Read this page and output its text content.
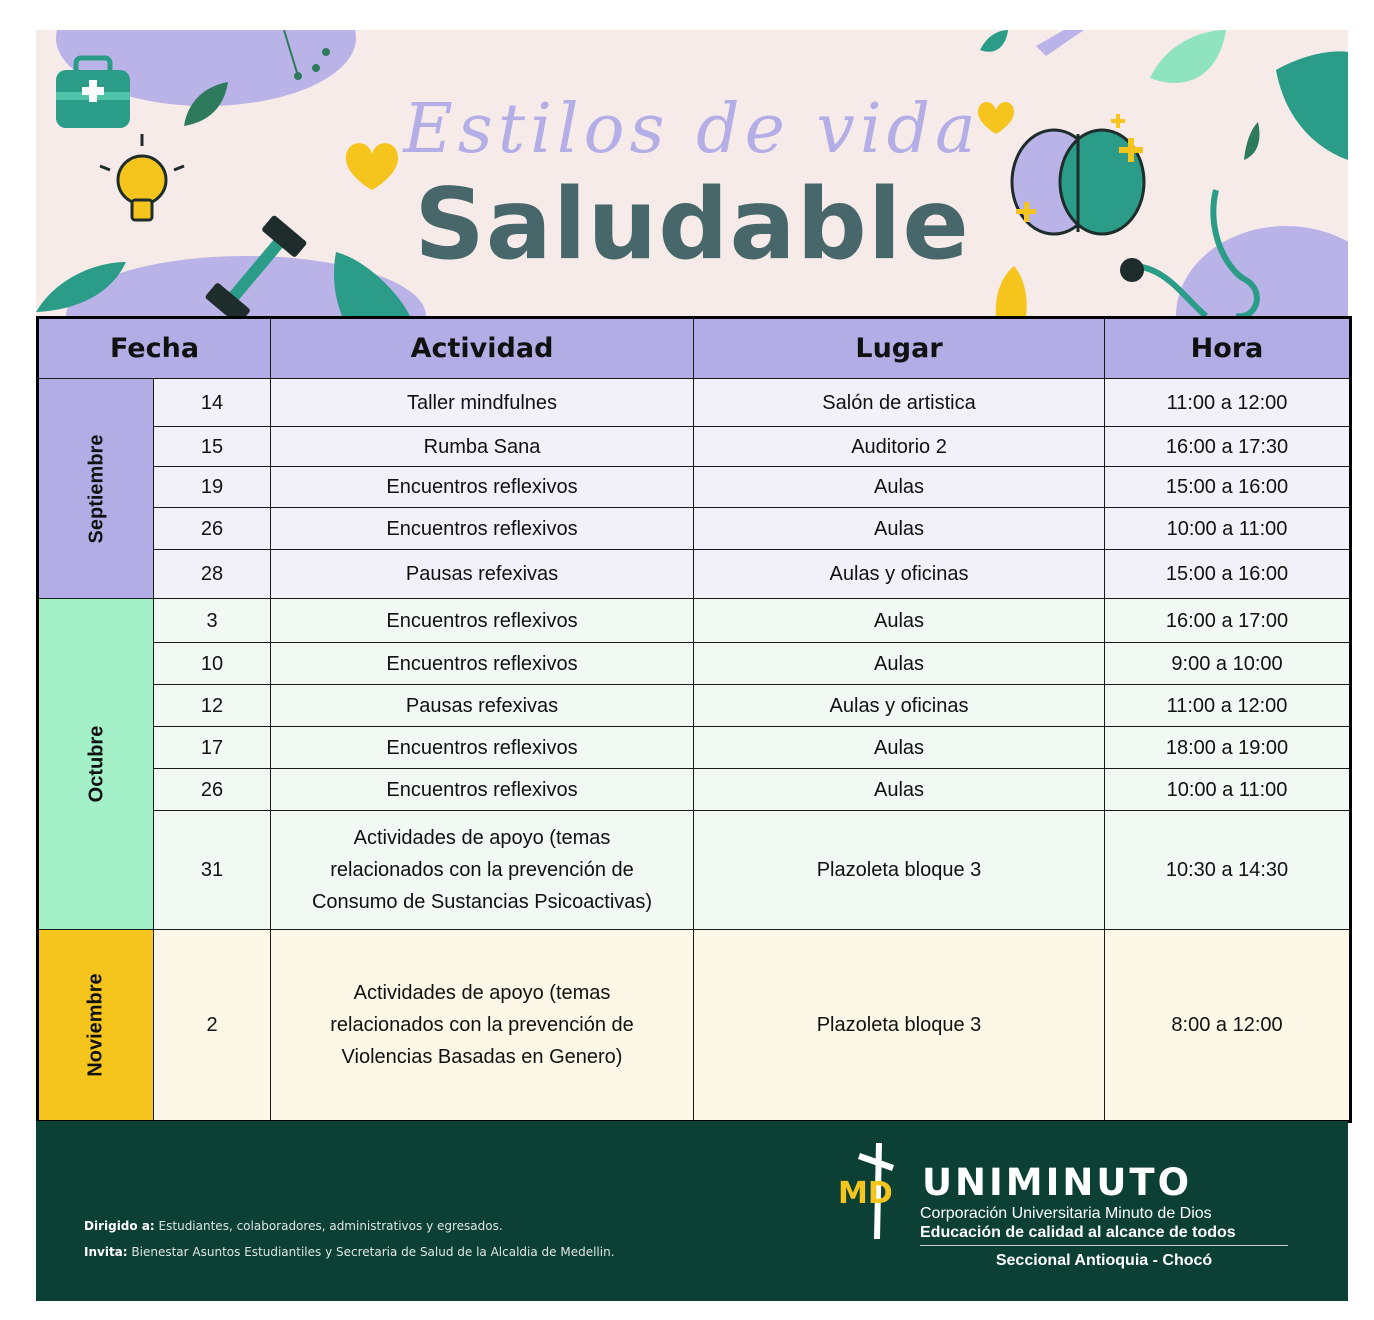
Estilos de vida
Saludable
Fecha		Actividad	Lugar	Hora
Septiembre	14	Taller mindfulnes	Salón de artistica	11:00 a 12:00
	15	Rumba Sana	Auditorio 2	16:00 a 17:30
	19	Encuentros reflexivos	Aulas	15:00 a 16:00
	26	Encuentros reflexivos	Aulas	10:00 a 11:00
	28	Pausas refexivas	Aulas y oficinas	15:00 a 16:00
Octubre	3	Encuentros reflexivos	Aulas	16:00 a 17:00
	10	Encuentros reflexivos	Aulas	9:00 a 10:00
	12	Pausas refexivas	Aulas y oficinas	11:00 a 12:00
	17	Encuentros reflexivos	Aulas	18:00 a 19:00
	26	Encuentros reflexivos	Aulas	10:00 a 11:00
	31	Actividades de apoyo (temas
relacionados con la prevención de
Consumo de Sustancias Psicoactivas)	Plazoleta bloque 3	10:30 a 14:30
Noviembre	2	Actividades de apoyo (temas
relacionados con la prevención de
Violencias Basadas en Genero)	Plazoleta bloque 3	8:00 a 12:00
Dirigido a: Estudiantes, colaboradores, administrativos y egresados.
Invita: Bienestar Asuntos Estudiantiles y Secretaria de Salud de la Alcaldia de Medellin.
MD UNIMINUTO
Corporación Universitaria Minuto de Dios
Educación de calidad al alcance de todos
Seccional Antioquia - Chocó
